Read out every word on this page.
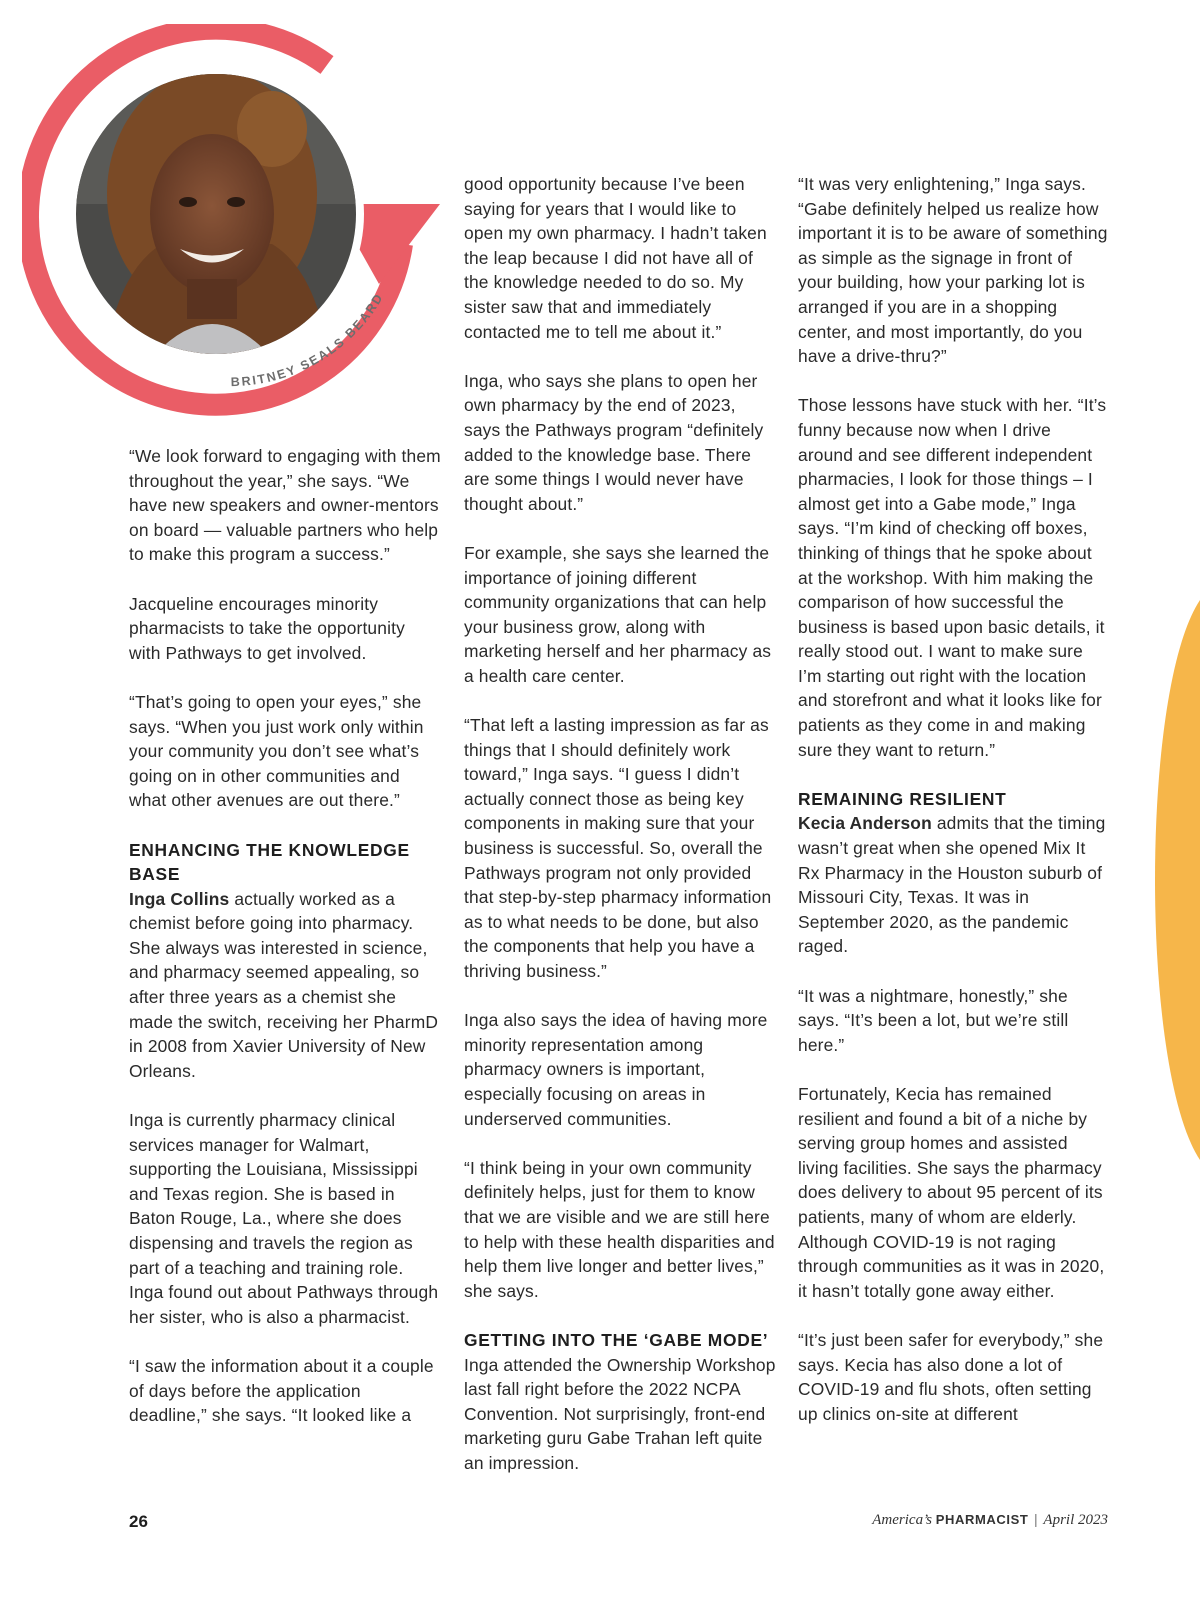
BRITNEY SEALS BEARD

“We look forward to engaging with them throughout the year,” she says. “We have new speakers and owner-mentors on board — valuable partners who help to make this program a success.”

Jacqueline encourages minority pharmacists to take the opportunity with Pathways to get involved.

“That’s going to open your eyes,” she says. “When you just work only within your community you don’t see what’s going on in other communities and what other avenues are out there.”

ENHANCING THE KNOWLEDGE BASE

Inga Collins actually worked as a chemist before going into pharmacy. She always was interested in science, and pharmacy seemed appealing, so after three years as a chemist she made the switch, receiving her PharmD in 2008 from Xavier University of New Orleans.

Inga is currently pharmacy clinical services manager for Walmart, supporting the Louisiana, Mississippi and Texas region. She is based in Baton Rouge, La., where she does dispensing and travels the region as part of a teaching and training role. Inga found out about Pathways through her sister, who is also a pharmacist.

“I saw the information about it a couple of days before the application deadline,” she says. “It looked like a

good opportunity because I’ve been saying for years that I would like to open my own pharmacy. I hadn’t taken the leap because I did not have all of the knowledge needed to do so. My sister saw that and immediately contacted me to tell me about it.”

Inga, who says she plans to open her own pharmacy by the end of 2023, says the Pathways program “definitely added to the knowledge base. There are some things I would never have thought about.”

For example, she says she learned the importance of joining different community organizations that can help your business grow, along with marketing herself and her pharmacy as a health care center.

“That left a lasting impression as far as things that I should definitely work toward,” Inga says. “I guess I didn’t actually connect those as being key components in making sure that your business is successful. So, overall the Pathways program not only provided that step-by-step pharmacy information as to what needs to be done, but also the components that help you have a thriving business.”

Inga also says the idea of having more minority representation among pharmacy owners is important, especially focusing on areas in underserved communities.

“I think being in your own community definitely helps, just for them to know that we are visible and we are still here to help with these health disparities and help them live longer and better lives,” she says.

GETTING INTO THE ‘GABE MODE’

Inga attended the Ownership Workshop last fall right before the 2022 NCPA Convention. Not surprisingly, front-end marketing guru Gabe Trahan left quite an impression.

“It was very enlightening,” Inga says. “Gabe definitely helped us realize how important it is to be aware of something as simple as the signage in front of your building, how your parking lot is arranged if you are in a shopping center, and most importantly, do you have a drive-thru?”

Those lessons have stuck with her. “It’s funny because now when I drive around and see different independent pharmacies, I look for those things – I almost get into a Gabe mode,” Inga says. “I’m kind of checking off boxes, thinking of things that he spoke about at the workshop. With him making the comparison of how successful the business is based upon basic details, it really stood out. I want to make sure I’m starting out right with the location and storefront and what it looks like for patients as they come in and making sure they want to return.”

REMAINING RESILIENT

Kecia Anderson admits that the timing wasn’t great when she opened Mix It Rx Pharmacy in the Houston suburb of Missouri City, Texas. It was in September 2020, as the pandemic raged.

“It was a nightmare, honestly,” she says. “It’s been a lot, but we’re still here.”

Fortunately, Kecia has remained resilient and found a bit of a niche by serving group homes and assisted living facilities. She says the pharmacy does delivery to about 95 percent of its patients, many of whom are elderly. Although COVID-19 is not raging through communities as it was in 2020, it hasn’t totally gone away either.

“It’s just been safer for everybody,” she says. Kecia has also done a lot of COVID-19 and flu shots, often setting up clinics on-site at different

26	America’s PHARMACIST | April 2023
